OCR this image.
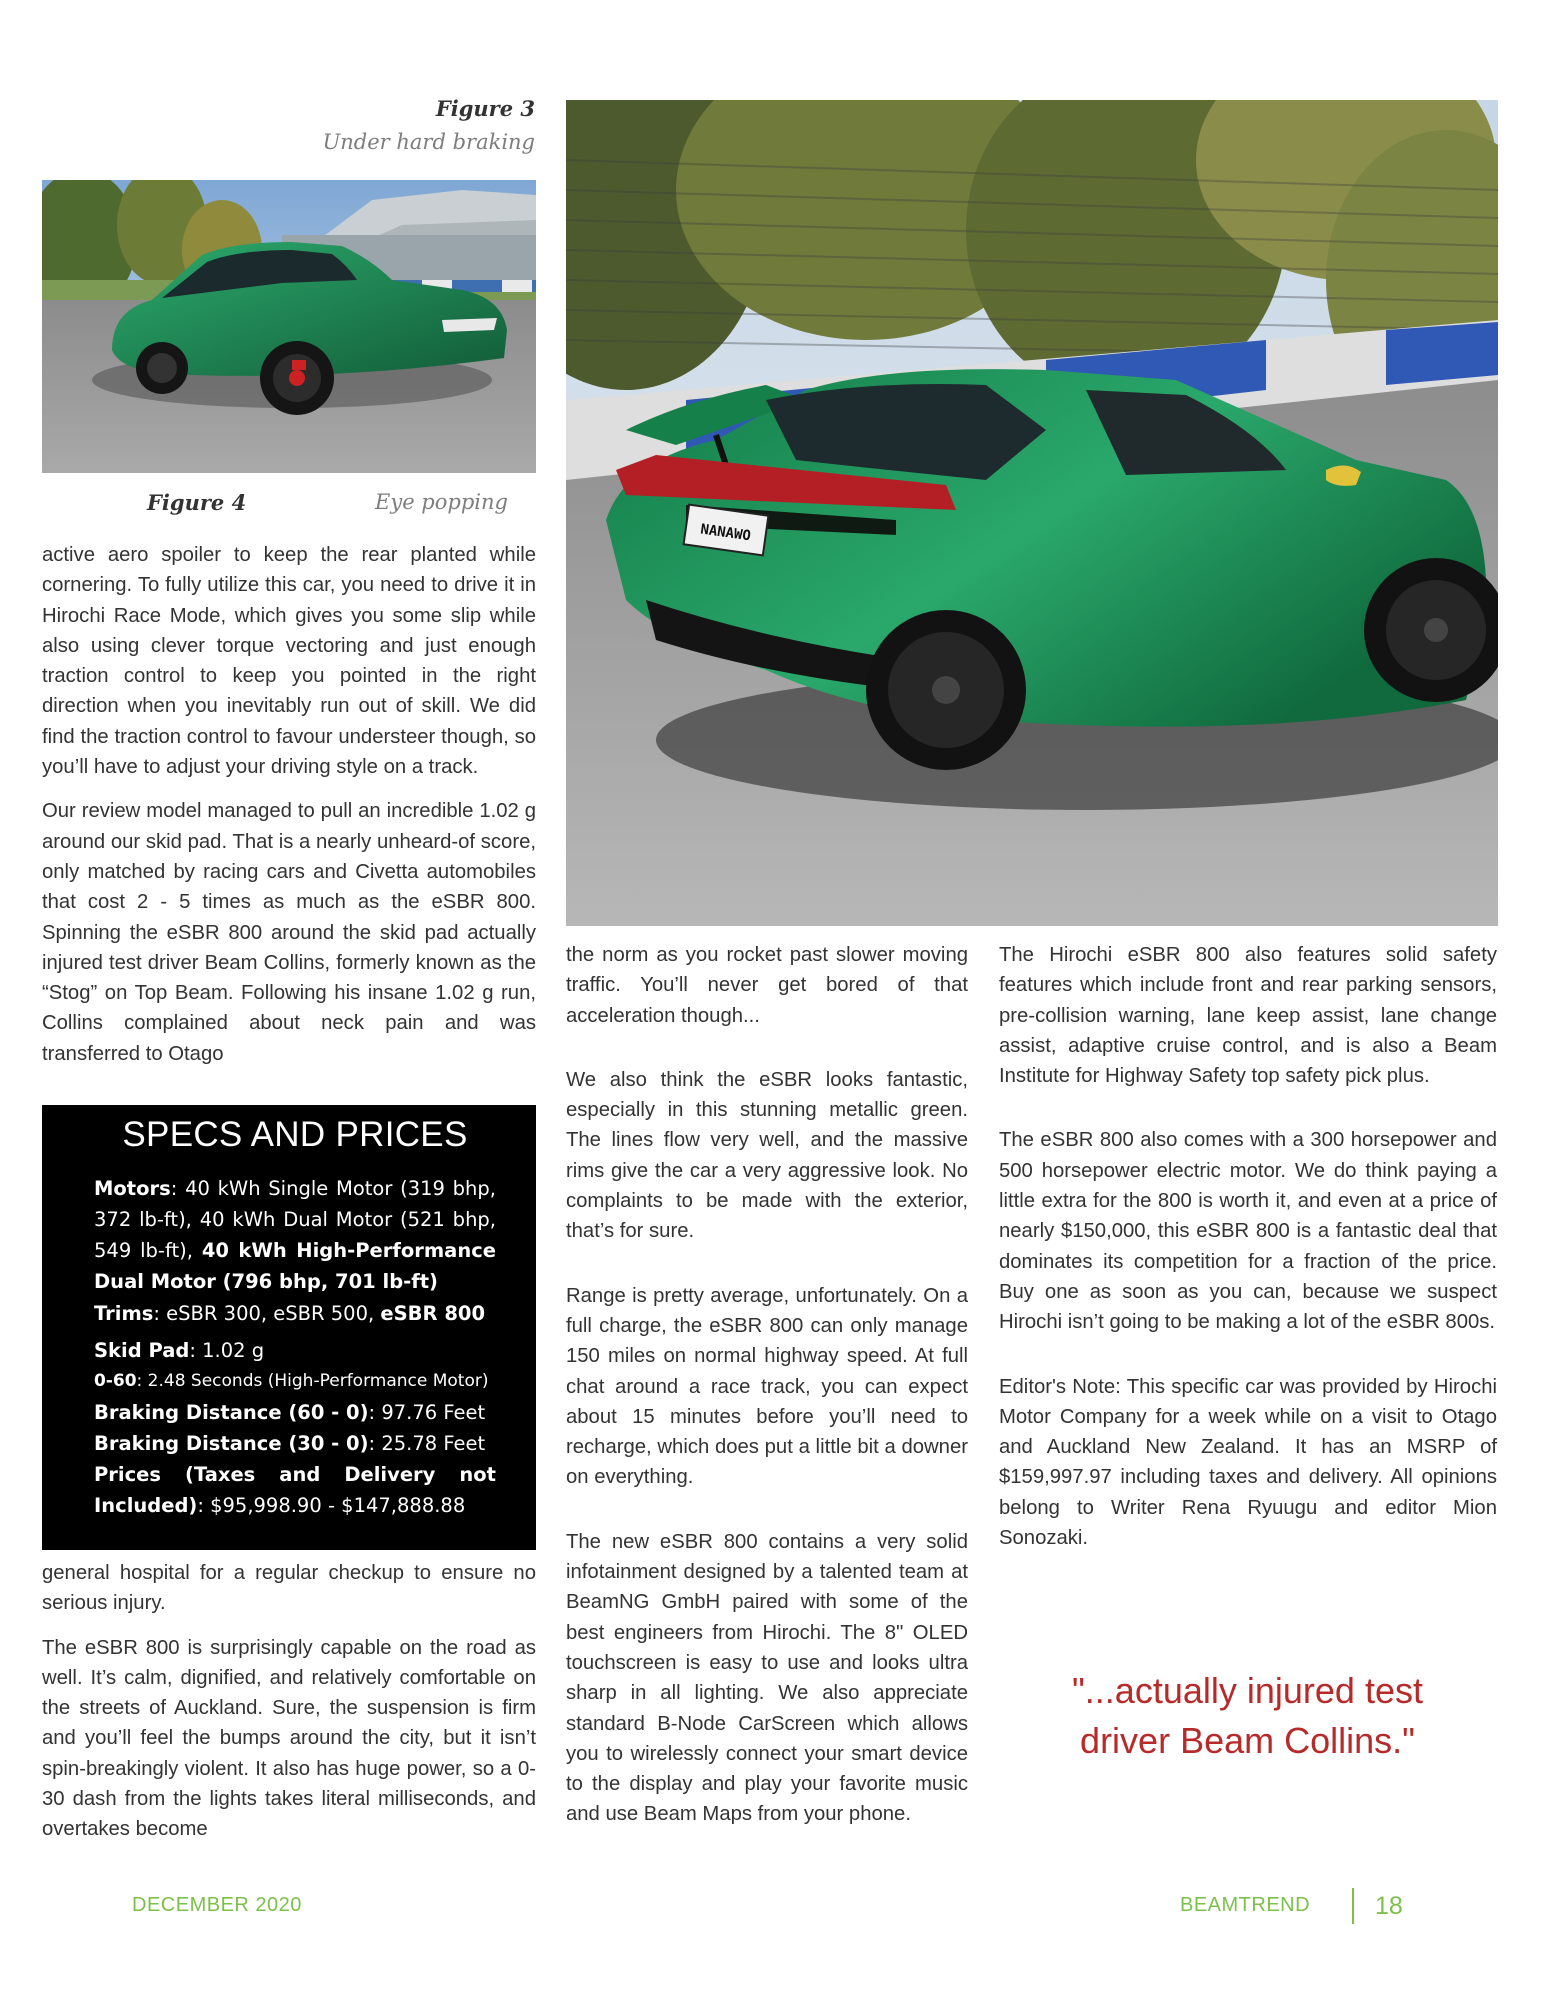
Figure 3
Under hard braking
Figure 4	Eye popping

active aero spoiler to keep the rear planted while cornering. To fully utilize this car, you need to drive it in Hirochi Race Mode, which gives you some slip while also using clever torque vectoring and just enough traction control to keep you pointed in the right direction when you inevitably run out of skill. We did find the traction control to favour understeer though, so you’ll have to adjust your driving style on a track.

Our review model managed to pull an incredible 1.02 g around our skid pad. That is a nearly unheard-of score, only matched by racing cars and Civetta automobiles that cost 2 - 5 times as much as the eSBR 800. Spinning the eSBR 800 around the skid pad actually injured test driver Beam Collins, formerly known as the “Stog” on Top Beam. Following his insane 1.02 g run, Collins complained about neck pain and was transferred to Otago

SPECS AND PRICES
Motors: 40 kWh Single Motor (319 bhp, 372 lb-ft), 40 kWh Dual Motor (521 bhp, 549 lb-ft), 40 kWh High-Performance Dual Motor (796 bhp, 701 lb-ft)
Trims: eSBR 300, eSBR 500, eSBR 800
Skid Pad: 1.02 g
0-60: 2.48 Seconds (High-Performance Motor)
Braking Distance (60 - 0): 97.76 Feet
Braking Distance (30 - 0): 25.78 Feet
Prices (Taxes and Delivery not Included): $95,998.90 - $147,888.88

general hospital for a regular checkup to ensure no serious injury.

The eSBR 800 is surprisingly capable on the road as well. It’s calm, dignified, and relatively comfortable on the streets of Auckland. Sure, the suspension is firm and you’ll feel the bumps around the city, but it isn’t spin-breakingly violent. It also has huge power, so a 0-30 dash from the lights takes literal milliseconds, and overtakes become

NANAWO

the norm as you rocket past slower moving traffic. You’ll never get bored of that acceleration though...

We also think the eSBR looks fantastic, especially in this stunning metallic green. The lines flow very well, and the massive rims give the car a very aggressive look. No complaints to be made with the exterior, that’s for sure.

Range is pretty average, unfortunately. On a full charge, the eSBR 800 can only manage 150 miles on normal highway speed. At full chat around a race track, you can expect about 15 minutes before you’ll need to recharge, which does put a little bit a downer on everything.

The new eSBR 800 contains a very solid infotainment designed by a talented team at BeamNG GmbH paired with some of the best engineers from Hirochi. The 8" OLED touchscreen is easy to use and looks ultra sharp in all lighting. We also appreciate standard B-Node CarScreen which allows you to wirelessly connect your smart device to the display and play your favorite music and use Beam Maps from your phone.

The Hirochi eSBR 800 also features solid safety features which include front and rear parking sensors, pre-collision warning, lane keep assist, lane change assist, adaptive cruise control, and is also a Beam Institute for Highway Safety top safety pick plus.

The eSBR 800 also comes with a 300 horsepower and 500 horsepower electric motor. We do think paying a little extra for the 800 is worth it, and even at a price of nearly $150,000, this eSBR 800 is a fantastic deal that dominates its competition for a fraction of the price. Buy one as soon as you can, because we suspect Hirochi isn’t going to be making a lot of the eSBR 800s.

Editor's Note: This specific car was provided by Hirochi Motor Company for a week while on a visit to Otago and Auckland New Zealand. It has an MSRP of $159,997.97 including taxes and delivery. All opinions belong to Writer Rena Ryuugu and editor Mion Sonozaki.

"...actually injured test driver Beam Collins."
DECEMBER 2020	BEAMTREND	18
